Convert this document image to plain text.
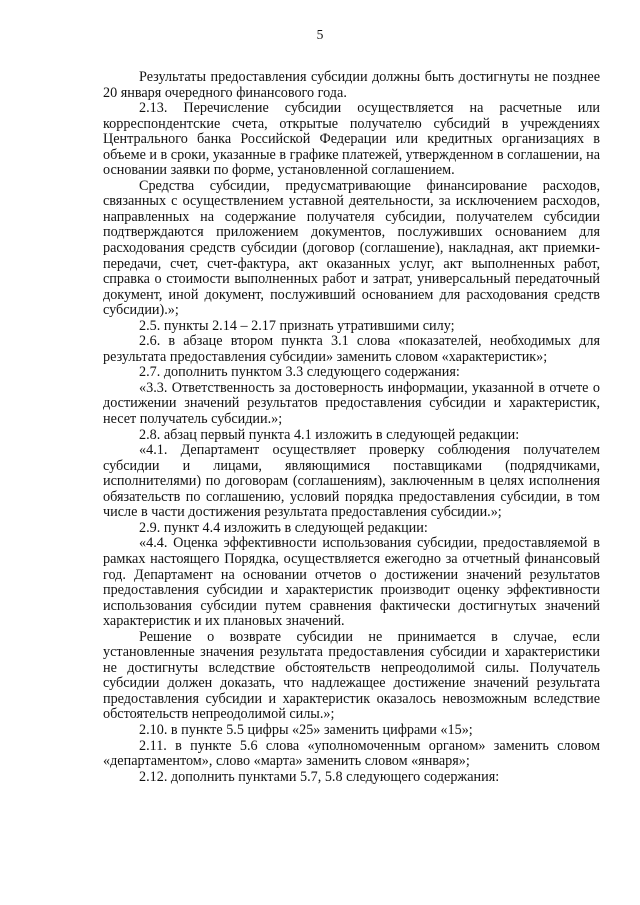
5

Результаты предоставления субсидии должны быть достигнуты не позднее 20 января очередного финансового года.

2.13. Перечисление субсидии осуществляется на расчетные или корреспондентские счета, открытые получателю субсидий в учреждениях Центрального банка Российской Федерации или кредитных организациях в объеме и в сроки, указанные в графике платежей, утвержденном в соглашении, на основании заявки по форме, установленной соглашением.

Средства субсидии, предусматривающие финансирование расходов, связанных с осуществлением уставной деятельности, за исключением расходов, направленных на содержание получателя субсидии, получателем субсидии подтверждаются приложением документов, послуживших основанием для расходования средств субсидии (договор (соглашение), накладная, акт приемки-передачи, счет, счет-фактура, акт оказанных услуг, акт выполненных работ, справка о стоимости выполненных работ и затрат, универсальный передаточный документ, иной документ, послуживший основанием для расходования средств субсидии).»;

2.5. пункты 2.14 – 2.17 признать утратившими силу;

2.6. в абзаце втором пункта 3.1 слова «показателей, необходимых для результата предоставления субсидии» заменить словом «характеристик»;

2.7. дополнить пунктом 3.3 следующего содержания:

«3.3. Ответственность за достоверность информации, указанной в отчете о достижении значений результатов предоставления субсидии и характеристик, несет получатель субсидии.»;

2.8. абзац первый пункта 4.1 изложить в следующей редакции:

«4.1. Департамент осуществляет проверку соблюдения получателем субсидии и лицами, являющимися поставщиками (подрядчиками, исполнителями) по договорам (соглашениям), заключенным в целях исполнения обязательств по соглашению, условий порядка предоставления субсидии, в том числе в части достижения результата предоставления субсидии.»;

2.9. пункт 4.4 изложить в следующей редакции:

«4.4. Оценка эффективности использования субсидии, предоставляемой в рамках настоящего Порядка, осуществляется ежегодно за отчетный финансовый год. Департамент на основании отчетов о достижении значений результатов предоставления субсидии и характеристик производит оценку эффективности использования субсидии путем сравнения фактически достигнутых значений характеристик и их плановых значений.

Решение о возврате субсидии не принимается в случае, если установленные значения результата предоставления субсидии и характеристики не достигнуты вследствие обстоятельств непреодолимой силы. Получатель субсидии должен доказать, что надлежащее достижение значений результата предоставления субсидии и характеристик оказалось невозможным вследствие обстоятельств непреодолимой силы.»;

2.10. в пункте 5.5 цифры «25» заменить цифрами «15»;

2.11. в пункте 5.6 слова «уполномоченным органом» заменить словом «департаментом», слово «марта» заменить словом «января»;

2.12. дополнить пунктами 5.7, 5.8 следующего содержания:
